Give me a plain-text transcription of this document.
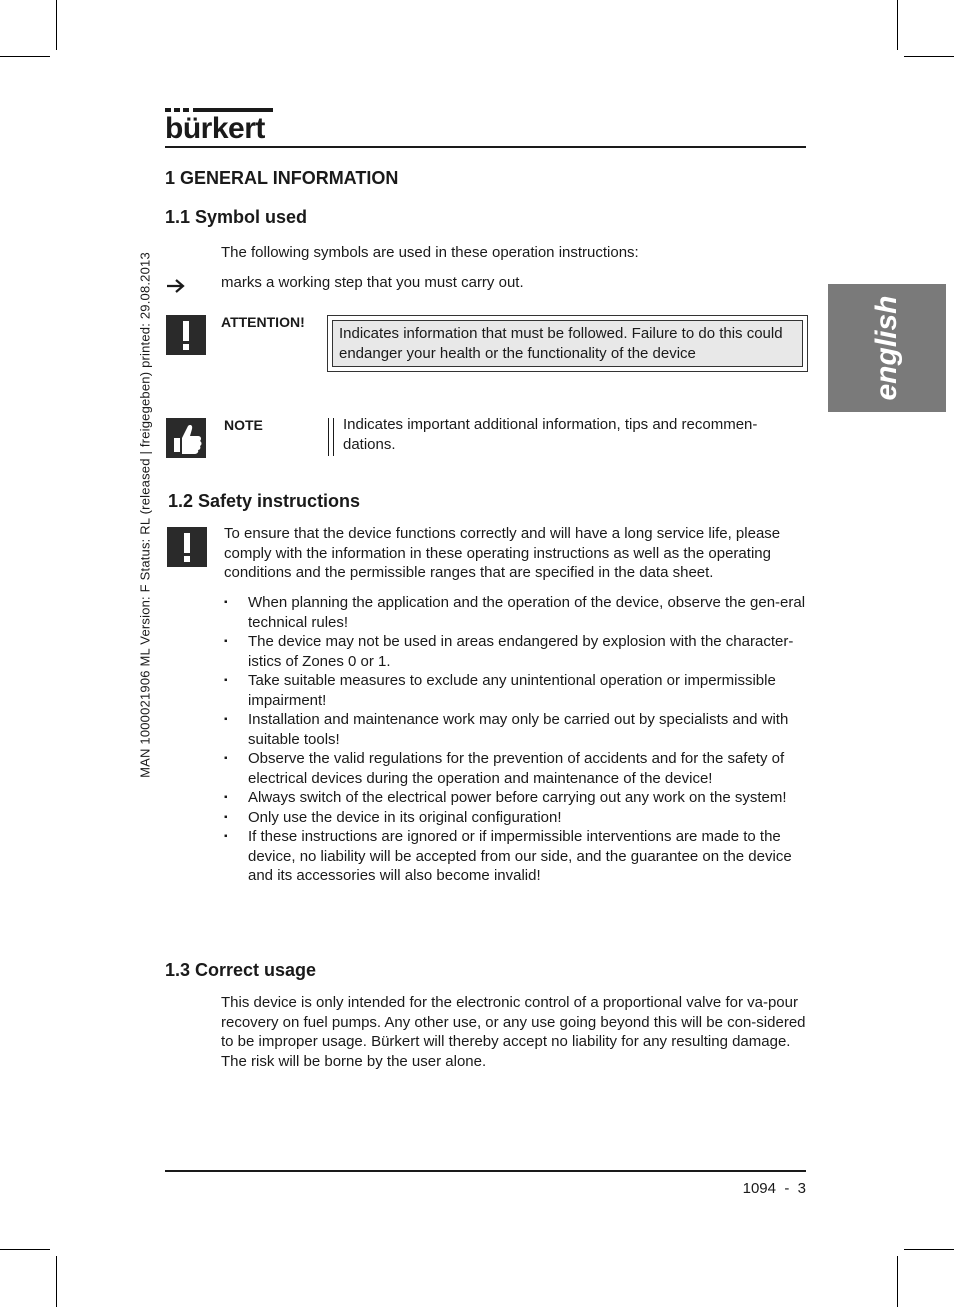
bürkert
english
MAN 1000021906 ML Version: F Status: RL (released | freigegeben) printed: 29.08.2013
1 GENERAL INFORMATION
1.1 Symbol used
The following symbols are used in these operation instructions:
marks a working step that you must carry out.
ATTENTION!
Indicates information that must be followed. Failure to do this could endanger your health or the functionality of the device
NOTE	Indicates important additional information, tips and recommen-dations.
1.2 Safety instructions
To ensure that the device functions correctly and will have a long service life, please comply with the information in these operating instructions as well as the operating conditions and the permissible ranges that are specified in the data sheet.
▪ When planning the application and the operation of the device, observe the gen-eral technical rules!
▪ The device may not be used in areas endangered by explosion with the character-istics of Zones 0 or 1.
▪ Take suitable measures to exclude any unintentional operation or impermissible impairment!
▪ Installation and maintenance work may only be carried out by specialists and with suitable tools!
▪ Observe the valid regulations for the prevention of accidents and for the safety of electrical devices during the operation and maintenance of the device!
▪ Always switch of the electrical power before carrying out any work on the system!
▪ Only use the device in its original configuration!
▪ If these instructions are ignored or if impermissible interventions are made to the device, no liability will be accepted from our side, and the guarantee on the device and its accessories will also become invalid!
1.3 Correct usage
This device is only intended for the electronic control of a proportional valve for va-pour recovery on fuel pumps. Any other use, or any use going beyond this will be con-sidered to be improper usage. Bürkert will thereby accept no liability for any resulting damage. The risk will be borne by the user alone.
1094  -  3
